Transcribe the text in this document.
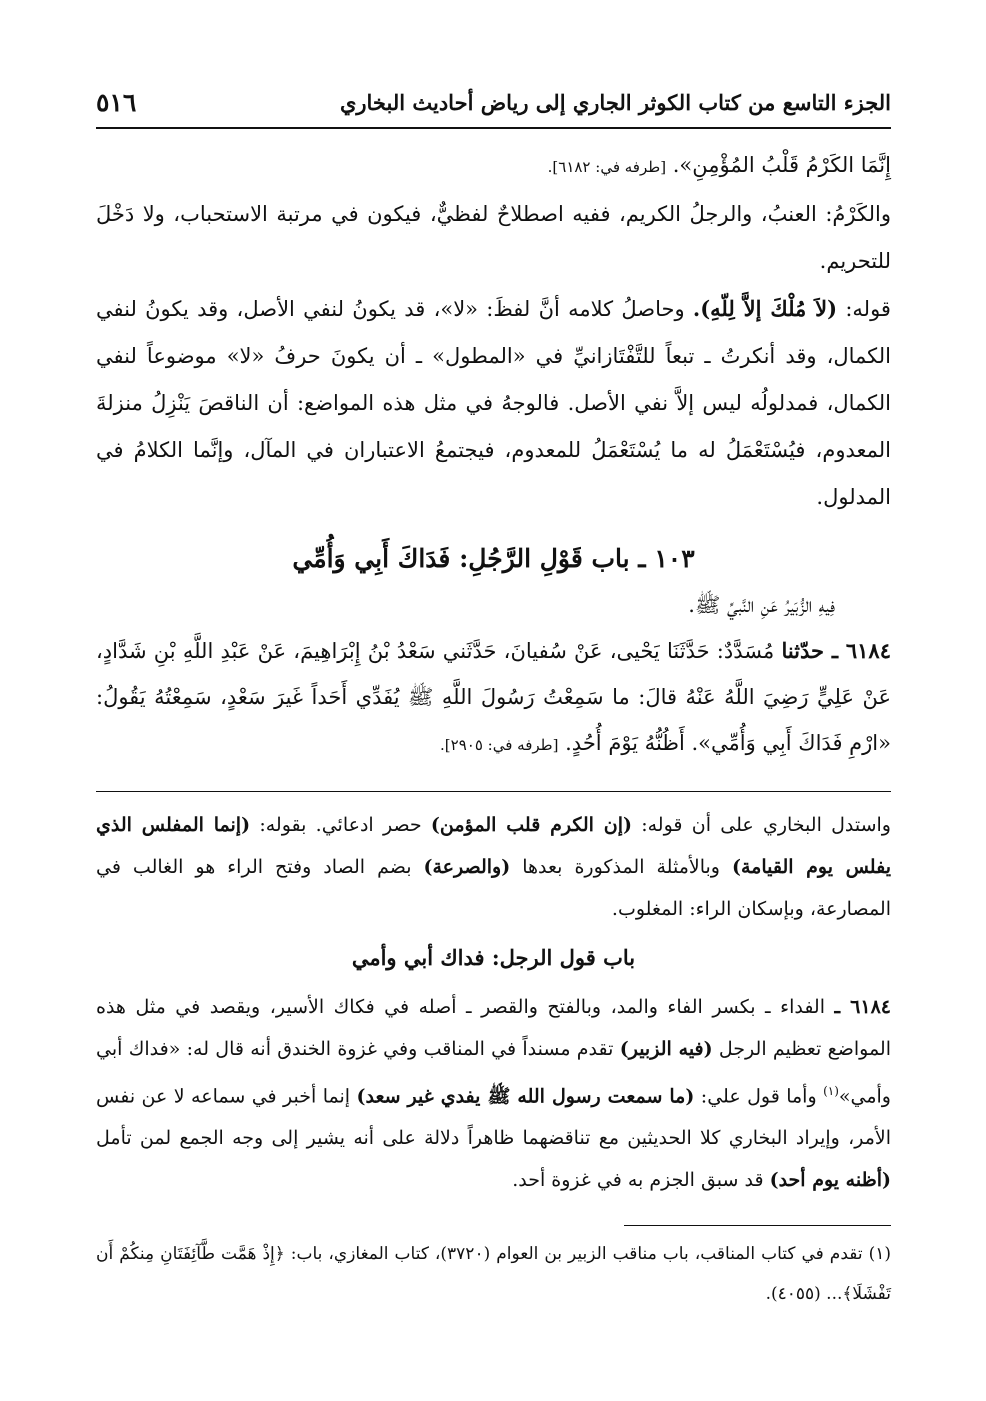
٥١٦	الجزء التاسع من كتاب الكوثر الجاري إلى رياض أحاديث البخاري

إِنَّمَا الكَرْمُ قَلْبُ المُؤْمِنِ». [طرفه في: ٦١٨٢].

والكَرْمُ: العنبُ، والرجلُ الكريم، ففيه اصطلاحٌ لفظيٌّ، فيكون في مرتبة الاستحباب، ولا دَخْلَ للتحريم.

قوله: (لاَ مُلْكَ إلاَّ لِلّهِ). وحاصلُ كلامه أنَّ لفظَ: «لا»، قد يكونُ لنفي الأصل، وقد يكونُ لنفي الكمال، وقد أنكرتُ ـ تبعاً للتَّفْتَازانيِّ في «المطول» ـ أن يكونَ حرفُ «لا» موضوعاً لنفي الكمال، فمدلولُه ليس إلاَّ نفي الأصل. فالوجهُ في مثل هذه المواضع: أن الناقصَ يَنْزِلُ منزلةَ المعدوم، فيُسْتَعْمَلُ له ما يُسْتَعْمَلُ للمعدوم، فيجتمعُ الاعتباران في المآل، وإنَّما الكلامُ في المدلول.

١٠٣ ـ باب قَوْلِ الرَّجُلِ: فَدَاكَ أَبِي وَأُمِّي

فِيهِ الزُّبَيرُ عَنِ النَّبيِّ ﷺ.

٦١٨٤ ـ حدّثنا مُسَدَّدٌ: حَدَّثَنَا يَحْيى، عَنْ سُفيانَ، حَدَّثَني سَعْدُ بْنُ إِبْرَاهِيمَ، عَنْ عَبْدِ اللَّهِ بْنِ شَدَّادٍ، عَنْ عَلِيٍّ رَضِيَ اللَّهُ عَنْهُ قالَ: ما سَمِعْتُ رَسُولَ اللَّهِ ﷺ يُفَدِّي أَحَداً غَيرَ سَعْدٍ، سَمِعْتُهُ يَقُولُ: «ارْمِ فَدَاكَ أَبِي وَأُمِّي». أَظُنُّهُ يَوْمَ أُحُدٍ. [طرفه في: ٢٩٠٥].

واستدل البخاري على أن قوله: (إن الكرم قلب المؤمن) حصر ادعائي. بقوله: (إنما المفلس الذي يفلس يوم القيامة) وبالأمثلة المذكورة بعدها (والصرعة) بضم الصاد وفتح الراء هو الغالب في المصارعة، وبإسكان الراء: المغلوب.

باب قول الرجل: فداك أبي وأمي

٦١٨٤ ـ الفداء ـ بكسر الفاء والمد، وبالفتح والقصر ـ أصله في فكاك الأسير، ويقصد في مثل هذه المواضع تعظيم الرجل (فيه الزبير) تقدم مسنداً في المناقب وفي غزوة الخندق أنه قال له: «فداك أبي وأمي»$^{(١)}$ وأما قول علي: (ما سمعت رسول الله ﷺ يفدي غير سعد) إنما أخبر في سماعه لا عن نفس الأمر، وإيراد البخاري كلا الحديثين مع تناقضهما ظاهراً دلالة على أنه يشير إلى وجه الجمع لمن تأمل (أظنه يوم أحد) قد سبق الجزم به في غزوة أحد.

(١) تقدم في كتاب المناقب، باب مناقب الزبير بن العوام (٣٧٢٠)، كتاب المغازي، باب: ﴿إِذْ هَمَّت طَّآئِفَتَانِ مِنكُمْ أَن تَفْشَلَا﴾... (٤٠٥٥).
